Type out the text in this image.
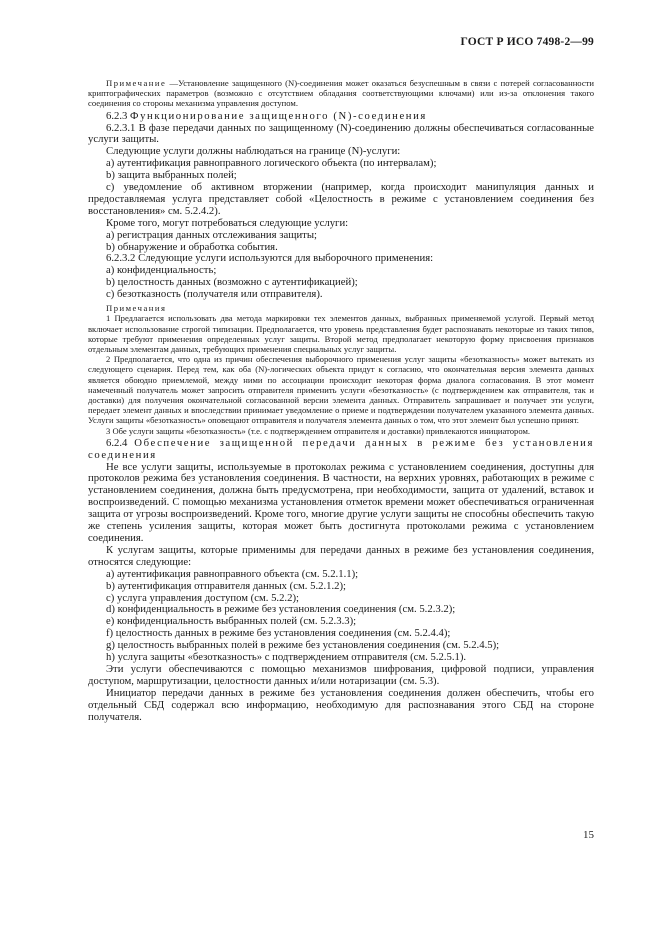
ГОСТ Р ИСО 7498-2—99

Примечание —Установление защищенного (N)-соединения может оказаться безуспешным в связи с потерей согласованности криптографических параметров (возможно с отсутствием обладания соответствующими ключами) или из-за отклонения такого соединения со стороны механизма управления доступом.

6.2.3 Функционирование защищенного (N)-соединения

6.2.3.1 В фазе передачи данных по защищенному (N)-соединению должны обеспечиваться согласованные услуги защиты.

Следующие услуги должны наблюдаться на границе (N)-услуги:

a) аутентификация равноправного логического объекта (по интервалам);

b) защита выбранных полей;

c) уведомление об активном вторжении (например, когда происходит манипуляция данных и предоставляемая услуга представляет собой «Целостность в режиме с установлением соединения без восстановления» см. 5.2.4.2).

Кроме того, могут потребоваться следующие услуги:

a) регистрация данных отслеживания защиты;

b) обнаружение и обработка события.

6.2.3.2 Следующие услуги используются для выборочного применения:

a) конфиденциальность;

b) целостность данных (возможно с аутентификацией);

c) безотказность (получателя или отправителя).

Примечания

1 Предлагается использовать два метода маркировки тех элементов данных, выбранных применяемой услугой. Первый метод включает использование строгой типизации. Предполагается, что уровень представления будет распознавать некоторые из таких типов, которые требуют применения определенных услуг защиты. Второй метод предполагает некоторую форму присвоения признаков отдельным элементам данных, требующих применения специальных услуг защиты.

2 Предполагается, что одна из причин обеспечения выборочного применения услуг защиты «безотказность» может вытекать из следующего сценария. Перед тем, как оба (N)-логических объекта придут к согласию, что окончательная версия элемента данных является обоюдно приемлемой, между ними по ассоциации происходит некоторая форма диалога согласования. В этот момент намеченный получатель может запросить отправителя применить услуги «безотказность» (с подтверждением как отправителя, так и доставки) для получения окончательной согласованной версии элемента данных. Отправитель запрашивает и получает эти услуги, передает элемент данных и впоследствии принимает уведомление о приеме и подтверждении получателем указанного элемента данных. Услуги защиты «безотказность» оповещают отправителя и получателя элемента данных о том, что этот элемент был успешно принят.

3 Обе услуги защиты «безотказность» (т.е. с подтверждением отправителя и доставки) привлекаются инициатором.

6.2.4 Обеспечение защищенной передачи данных в режиме без установления соединения

Не все услуги защиты, используемые в протоколах режима с установлением соединения, доступны для протоколов режима без установления соединения. В частности, на верхних уровнях, работающих в режиме с установлением соединения, должна быть предусмотрена, при необходимости, защита от удалений, вставок и воспроизведений. С помощью механизма установления отметок времени может обеспечиваться ограниченная защита от угрозы воспроизведений. Кроме того, многие другие услуги защиты не способны обеспечить такую же степень усиления защиты, которая может быть достигнута протоколами режима с установлением соединения.

К услугам защиты, которые применимы для передачи данных в режиме без установления соединения, относятся следующие:

a) аутентификация равноправного объекта (см. 5.2.1.1);

b) аутентификация отправителя данных (см. 5.2.1.2);

c) услуга управления доступом (см. 5.2.2);

d) конфиденциальность в режиме без установления соединения (см. 5.2.3.2);

e) конфиденциальность выбранных полей (см. 5.2.3.3);

f) целостность данных в режиме без установления соединения (см. 5.2.4.4);

g) целостность выбранных полей в режиме без установления соединения (см. 5.2.4.5);

h) услуга защиты «безотказность» с подтверждением отправителя (см. 5.2.5.1).

Эти услуги обеспечиваются с помощью механизмов шифрования, цифровой подписи, управления доступом, маршрутизации, целостности данных и/или нотаризации (см. 5.3).

Инициатор передачи данных в режиме без установления соединения должен обеспечить, чтобы его отдельный СБД содержал всю информацию, необходимую для распознавания этого СБД на стороне получателя.

15
